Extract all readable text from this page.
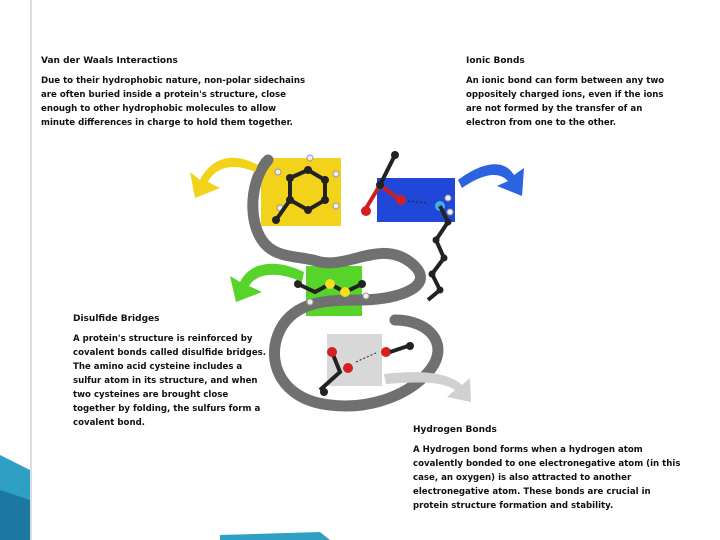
Van der Waals Interactions
Due to their hydrophobic nature, non-polar sidechains are often buried inside a protein's structure, close enough to other hydrophobic molecules to allow minute differences in charge to hold them together.
Ionic Bonds
An ionic bond can form between any two oppositely charged ions, even if the ions are not formed by the transfer of an electron from one to the other.
Disulfide Bridges
A protein's structure is reinforced by covalent bonds called disulfide bridges. The amino acid cysteine includes a sulfur atom in its structure, and when two cysteines are brought close together by folding, the sulfurs form a covalent bond.
Hydrogen Bonds
A Hydrogen bond forms when a hydrogen atom covalently bonded to one electronegative atom (in this case, an oxygen) is also attracted to another electronegative atom. These bonds are crucial in protein structure formation and stability.
